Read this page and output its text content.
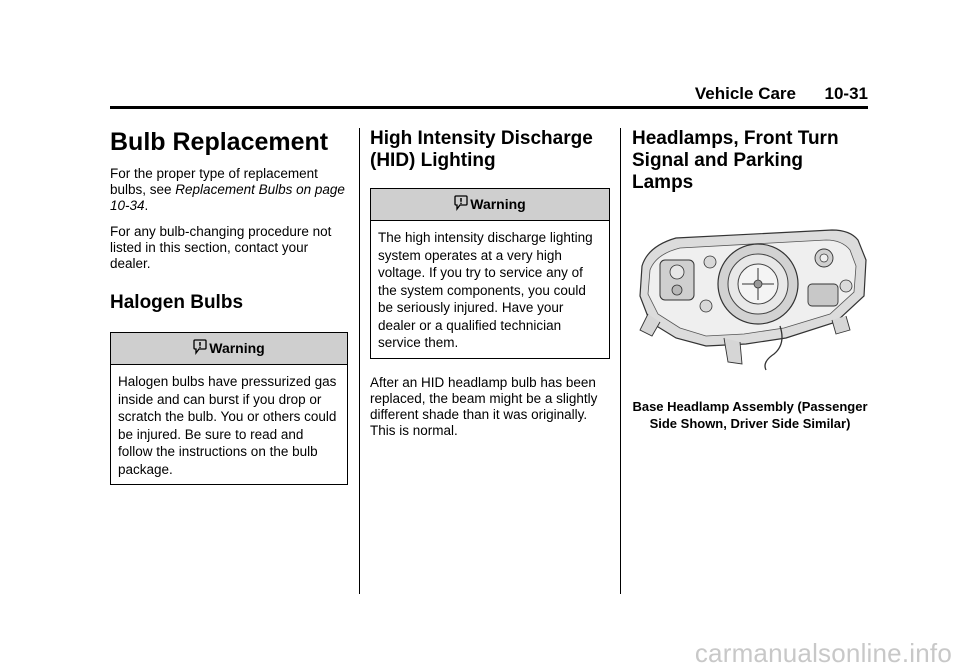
Vehicle Care 10-31
Bulb Replacement

For the proper type of replacement bulbs, see Replacement Bulbs on page 10-34.

For any bulb-changing procedure not listed in this section, contact your dealer.

Halogen Bulbs
Warning
Halogen bulbs have pressurized gas inside and can burst if you drop or scratch the bulb. You or others could be injured. Be sure to read and follow the instructions on the bulb package.
High Intensity Discharge (HID) Lighting
Warning
The high intensity discharge lighting system operates at a very high voltage. If you try to service any of the system components, you could be seriously injured. Have your dealer or a qualified technician service them.

After an HID headlamp bulb has been replaced, the beam might be a slightly different shade than it was originally. This is normal.

Headlamps, Front Turn Signal and Parking Lamps
Base Headlamp Assembly (Passenger Side Shown, Driver Side Similar)
carmanualsonline.info
